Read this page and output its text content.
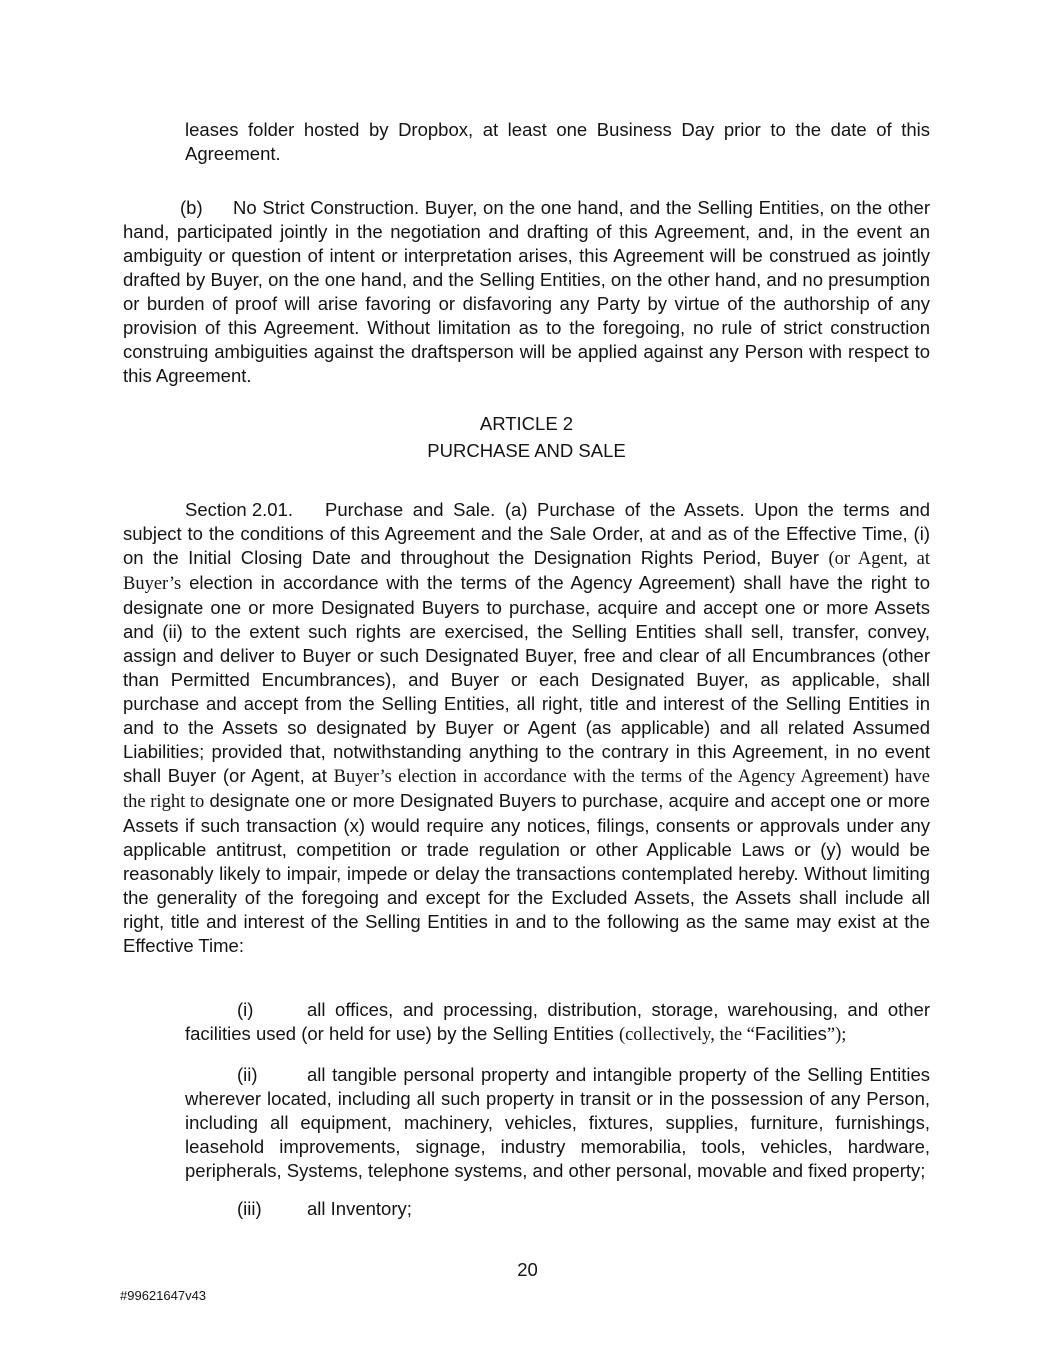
leases folder hosted by Dropbox, at least one Business Day prior to the date of this Agreement.

(b) No Strict Construction. Buyer, on the one hand, and the Selling Entities, on the other hand, participated jointly in the negotiation and drafting of this Agreement, and, in the event an ambiguity or question of intent or interpretation arises, this Agreement will be construed as jointly drafted by Buyer, on the one hand, and the Selling Entities, on the other hand, and no presumption or burden of proof will arise favoring or disfavoring any Party by virtue of the authorship of any provision of this Agreement. Without limitation as to the foregoing, no rule of strict construction construing ambiguities against the draftsperson will be applied against any Person with respect to this Agreement.

ARTICLE 2
PURCHASE AND SALE

Section 2.01. Purchase and Sale. (a) Purchase of the Assets. Upon the terms and subject to the conditions of this Agreement and the Sale Order, at and as of the Effective Time, (i) on the Initial Closing Date and throughout the Designation Rights Period, Buyer (or Agent, at Buyer’s election in accordance with the terms of the Agency Agreement) shall have the right to designate one or more Designated Buyers to purchase, acquire and accept one or more Assets and (ii) to the extent such rights are exercised, the Selling Entities shall sell, transfer, convey, assign and deliver to Buyer or such Designated Buyer, free and clear of all Encumbrances (other than Permitted Encumbrances), and Buyer or each Designated Buyer, as applicable, shall purchase and accept from the Selling Entities, all right, title and interest of the Selling Entities in and to the Assets so designated by Buyer or Agent (as applicable) and all related Assumed Liabilities; provided that, notwithstanding anything to the contrary in this Agreement, in no event shall Buyer (or Agent, at Buyer’s election in accordance with the terms of the Agency Agreement) have the right to designate one or more Designated Buyers to purchase, acquire and accept one or more Assets if such transaction (x) would require any notices, filings, consents or approvals under any applicable antitrust, competition or trade regulation or other Applicable Laws or (y) would be reasonably likely to impair, impede or delay the transactions contemplated hereby. Without limiting the generality of the foregoing and except for the Excluded Assets, the Assets shall include all right, title and interest of the Selling Entities in and to the following as the same may exist at the Effective Time:

(i)	all offices, and processing, distribution, storage, warehousing, and other facilities used (or held for use) by the Selling Entities (collectively, the “Facilities”);

(ii)	all tangible personal property and intangible property of the Selling Entities wherever located, including all such property in transit or in the possession of any Person, including all equipment, machinery, vehicles, fixtures, supplies, furniture, furnishings, leasehold improvements, signage, industry memorabilia, tools, vehicles, hardware, peripherals, Systems, telephone systems, and other personal, movable and fixed property;

(iii) all Inventory;

20
#99621647v43
